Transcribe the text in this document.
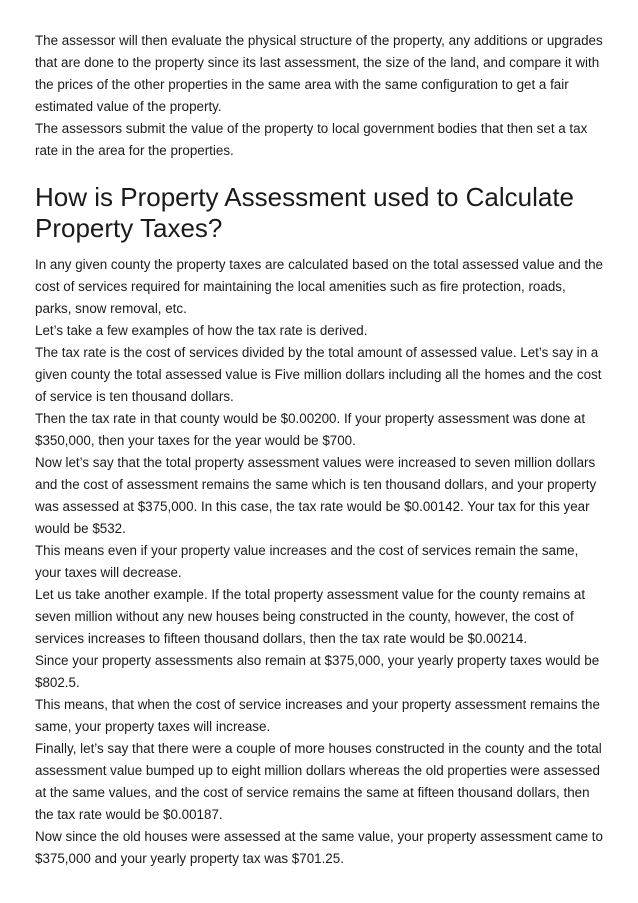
The assessor will then evaluate the physical structure of the property, any additions or upgrades that are done to the property since its last assessment, the size of the land, and compare it with the prices of the other properties in the same area with the same configuration to get a fair estimated value of the property.

The assessors submit the value of the property to local government bodies that then set a tax rate in the area for the properties.

How is Property Assessment used to Calculate Property Taxes?

In any given county the property taxes are calculated based on the total assessed value and the cost of services required for maintaining the local amenities such as fire protection, roads, parks, snow removal, etc.

Let’s take a few examples of how the tax rate is derived.

The tax rate is the cost of services divided by the total amount of assessed value. Let’s say in a given county the total assessed value is Five million dollars including all the homes and the cost of service is ten thousand dollars.

Then the tax rate in that county would be $0.00200. If your property assessment was done at $350,000, then your taxes for the year would be $700.

Now let’s say that the total property assessment values were increased to seven million dollars and the cost of assessment remains the same which is ten thousand dollars, and your property was assessed at $375,000. In this case, the tax rate would be $0.00142. Your tax for this year would be $532.

This means even if your property value increases and the cost of services remain the same, your taxes will decrease.

Let us take another example. If the total property assessment value for the county remains at seven million without any new houses being constructed in the county, however, the cost of services increases to fifteen thousand dollars, then the tax rate would be $0.00214.

Since your property assessments also remain at $375,000, your yearly property taxes would be $802.5.

This means, that when the cost of service increases and your property assessment remains the same, your property taxes will increase.

Finally, let’s say that there were a couple of more houses constructed in the county and the total assessment value bumped up to eight million dollars whereas the old properties were assessed at the same values, and the cost of service remains the same at fifteen thousand dollars, then the tax rate would be $0.00187.

Now since the old houses were assessed at the same value, your property assessment came to $375,000 and your yearly property tax was $701.25.
